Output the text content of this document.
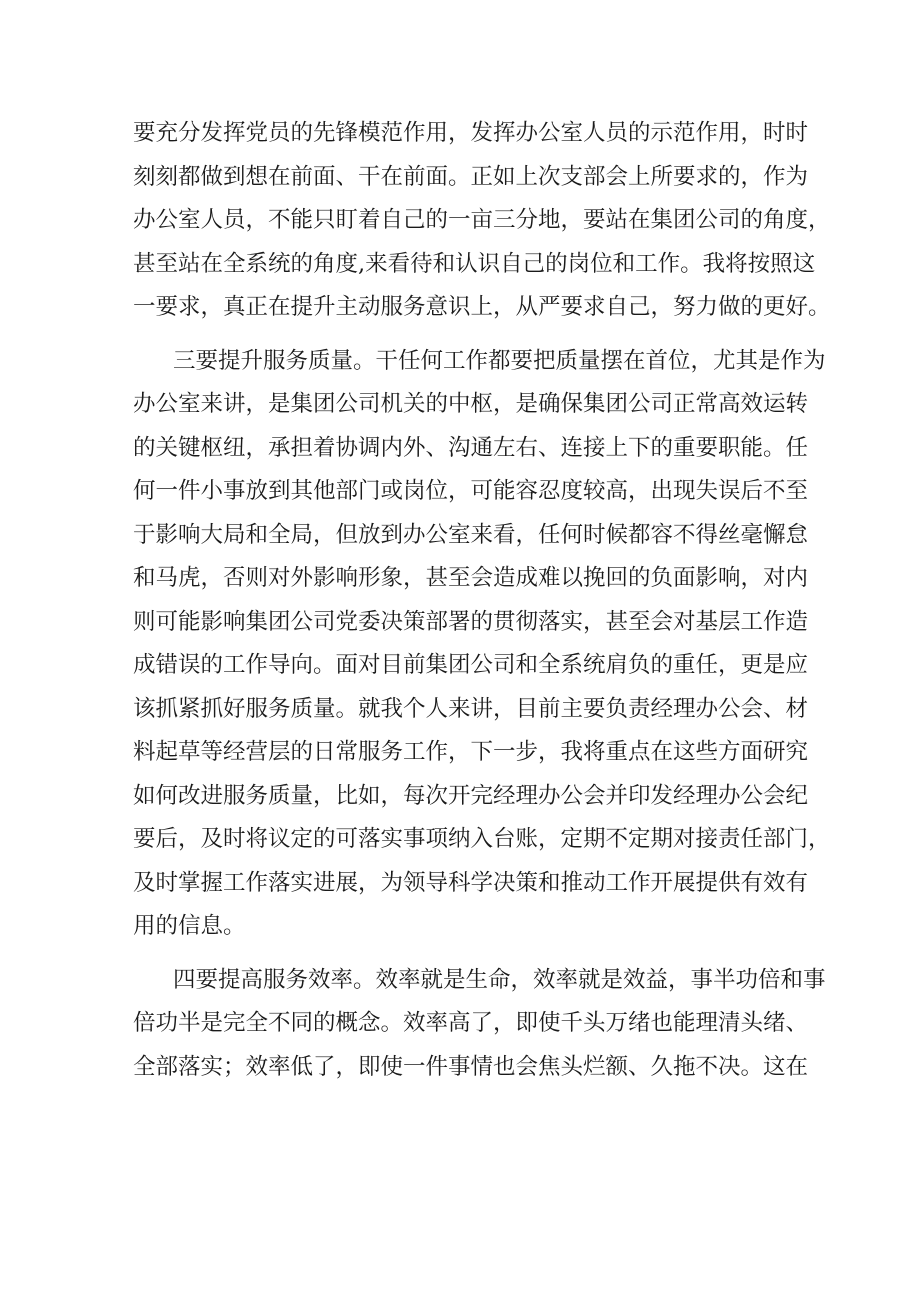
要充分发挥党员的先锋模范作用，发挥办公室人员的示范作用，时时
刻刻都做到想在前面、干在前面。正如上次支部会上所要求的，作为
办公室人员，不能只盯着自己的一亩三分地，要站在集团公司的角度，
甚至站在全系统的角度,来看待和认识自己的岗位和工作。我将按照这
一要求，真正在提升主动服务意识上，从严要求自己，努力做的更好。
三要提升服务质量。干任何工作都要把质量摆在首位，尤其是作为
办公室来讲，是集团公司机关的中枢，是确保集团公司正常高效运转
的关键枢纽，承担着协调内外、沟通左右、连接上下的重要职能。任
何一件小事放到其他部门或岗位，可能容忍度较高，出现失误后不至
于影响大局和全局，但放到办公室来看，任何时候都容不得丝毫懈怠
和马虎，否则对外影响形象，甚至会造成难以挽回的负面影响，对内
则可能影响集团公司党委决策部署的贯彻落实，甚至会对基层工作造
成错误的工作导向。面对目前集团公司和全系统肩负的重任，更是应
该抓紧抓好服务质量。就我个人来讲，目前主要负责经理办公会、材
料起草等经营层的日常服务工作，下一步，我将重点在这些方面研究
如何改进服务质量，比如，每次开完经理办公会并印发经理办公会纪
要后，及时将议定的可落实事项纳入台账，定期不定期对接责任部门，
及时掌握工作落实进展，为领导科学决策和推动工作开展提供有效有
用的信息。
四要提高服务效率。效率就是生命，效率就是效益，事半功倍和事
倍功半是完全不同的概念。效率高了，即使千头万绪也能理清头绪、
全部落实；效率低了，即使一件事情也会焦头烂额、久拖不决。这在
